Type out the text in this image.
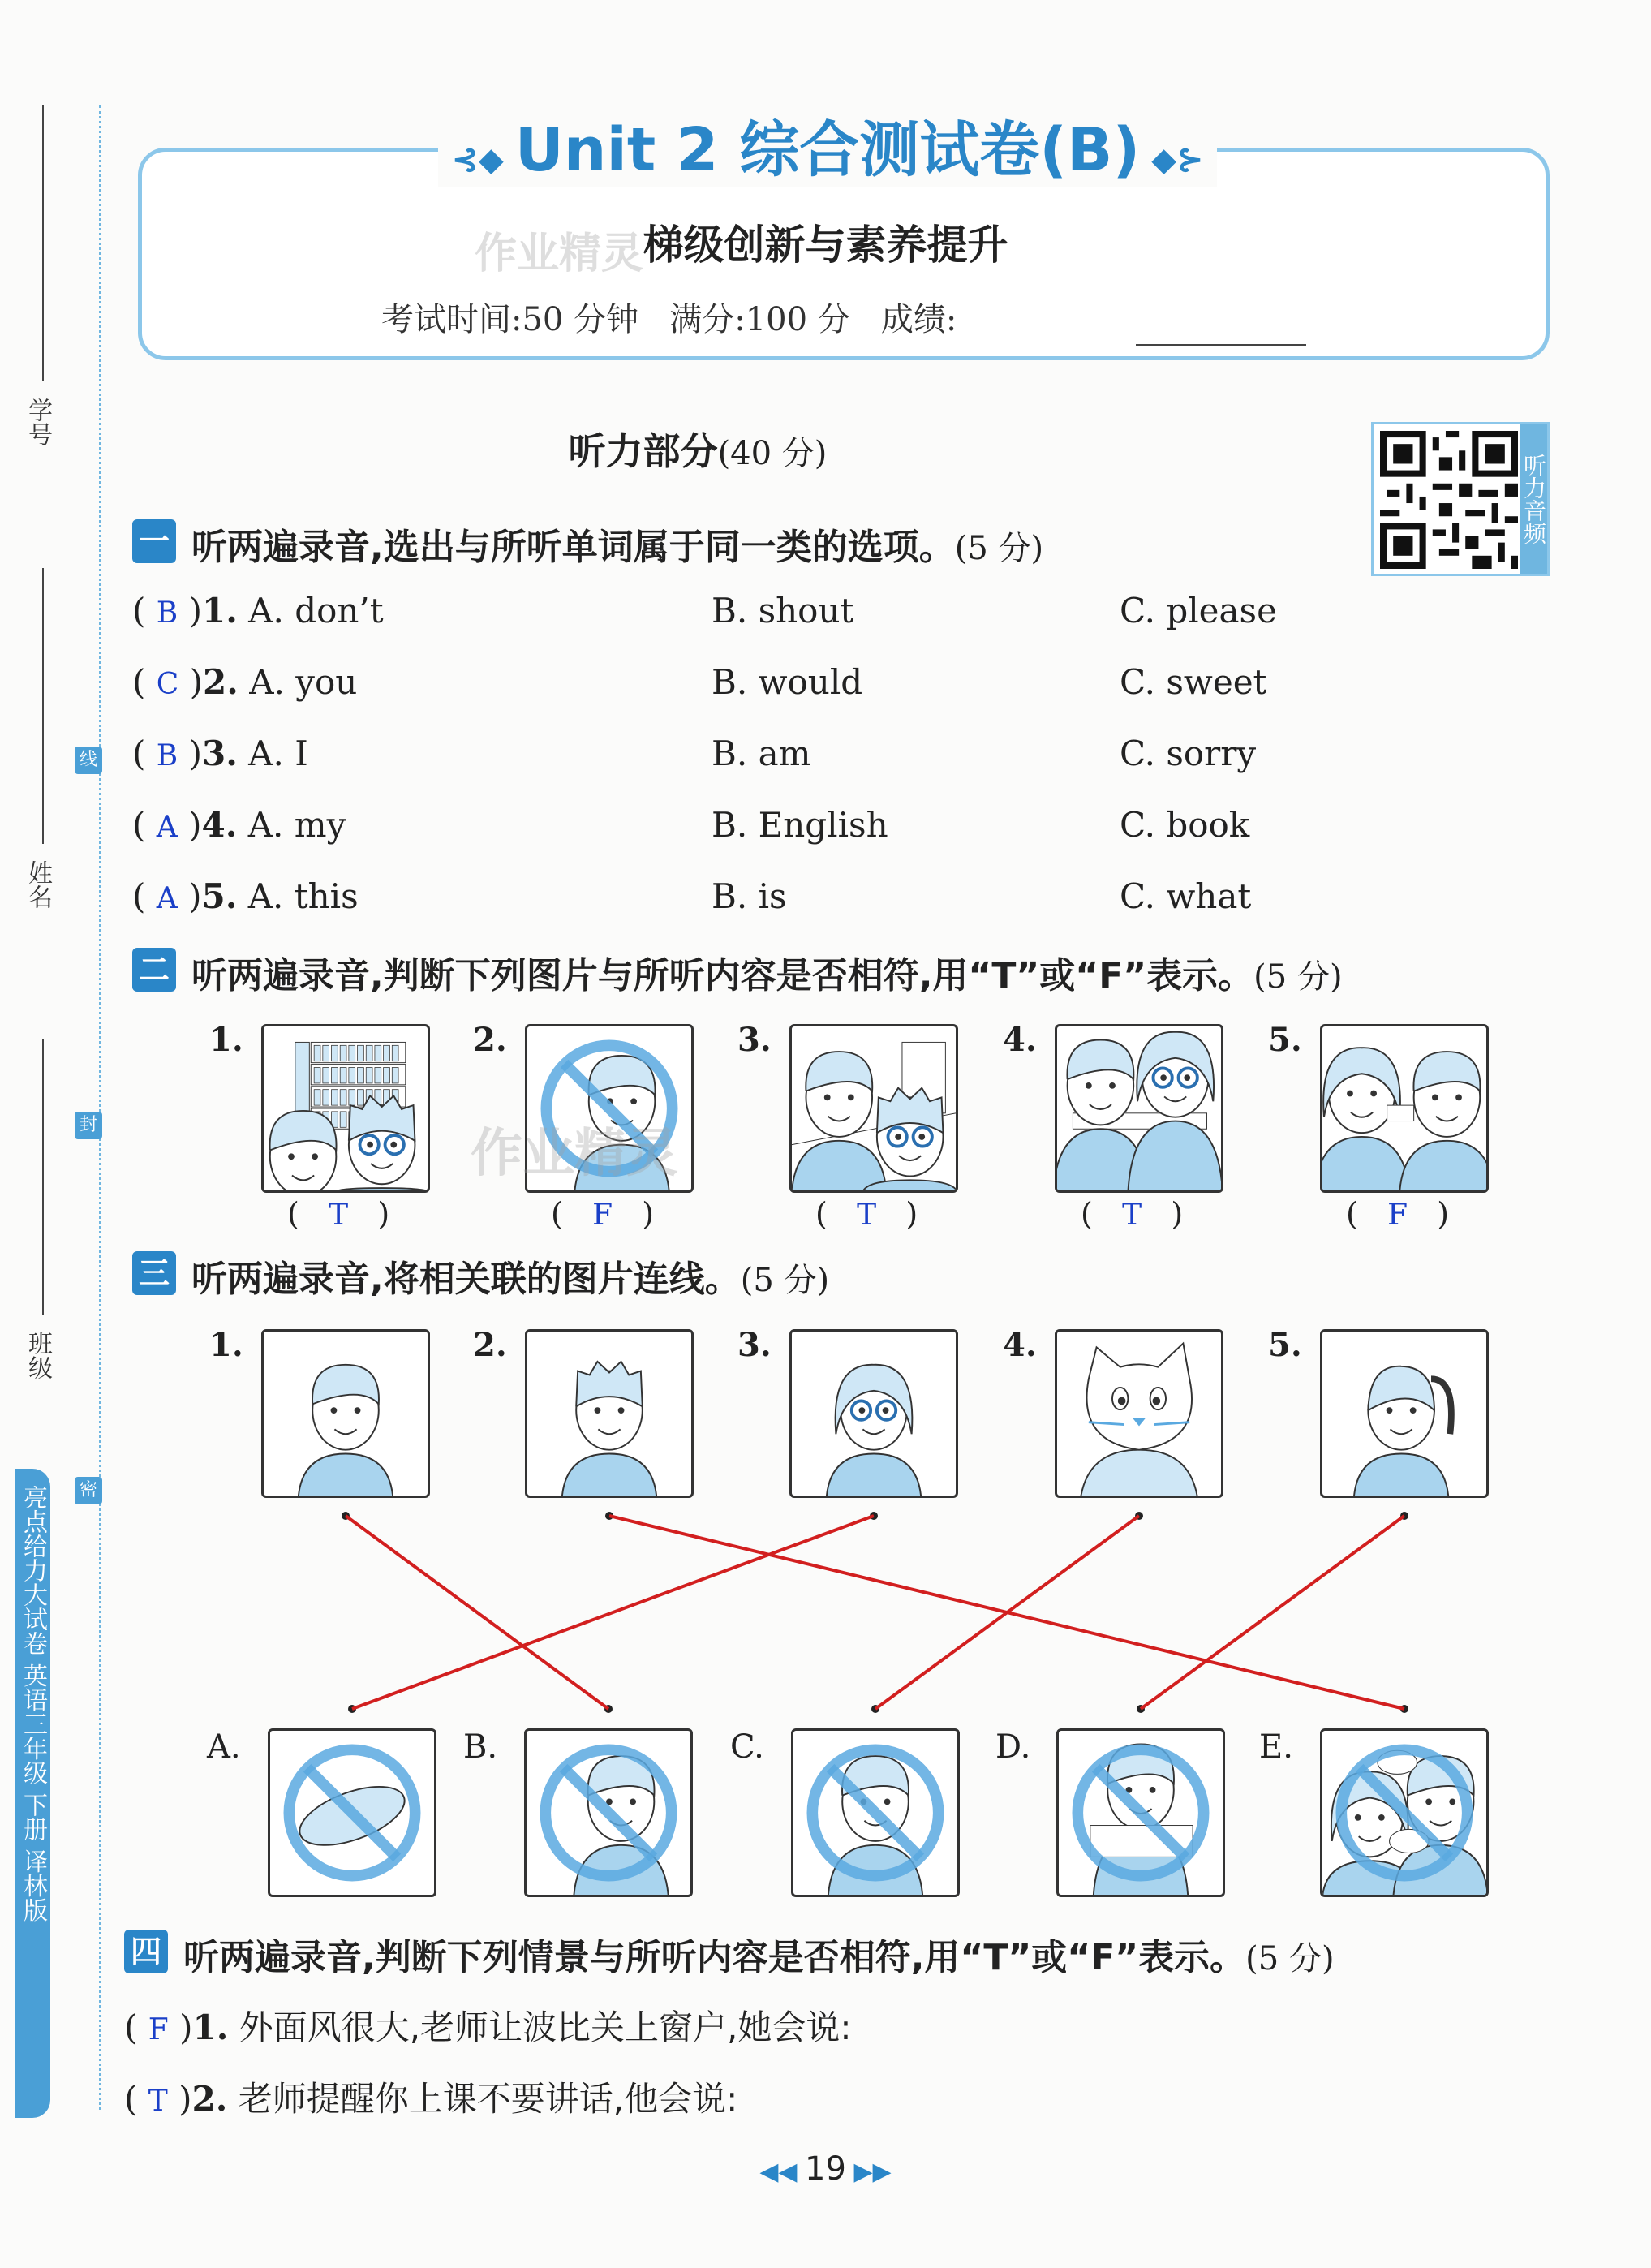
学号
姓名
班级
线
封
密
亮点给力大试卷 英语三年级 下册 译林版
⊰◆ Unit 2 综合测试卷(B) ◆⊱
梯级创新与素养提升
作业精灵
考试时间:50 分钟   满分:100 分   成绩:
听力部分(40 分)	听力音频
一 听两遍录音,选出与所听单词属于同一类的选项。(5 分)
( B )1. A. don’t	B. shout	C. please
( C )2. A. you	B. would	C. sweet
( B )3. A. I	B. am	C. sorry
( A )4. A. my	B. English	C. book
( A )5. A. this	B. is	C. what
二 听两遍录音,判断下列图片与所听内容是否相符,用“T”或“F”表示。(5 分)
1.
(   T   )
2.
(   F   )
3.
(   T   )
4.
(   T   )
5.
(   F   )
作业精灵
三 听两遍录音,将相关联的图片连线。(5 分)
1.	2.	3.	4.	5.
A.	B.	C.	D.	E.
四 听两遍录音,判断下列情景与所听内容是否相符,用“T”或“F”表示。(5 分)
( F )1. 外面风很大,老师让波比关上窗户,她会说:
( T )2. 老师提醒你上课不要讲话,他会说:
◀◀ 19 ▶▶
